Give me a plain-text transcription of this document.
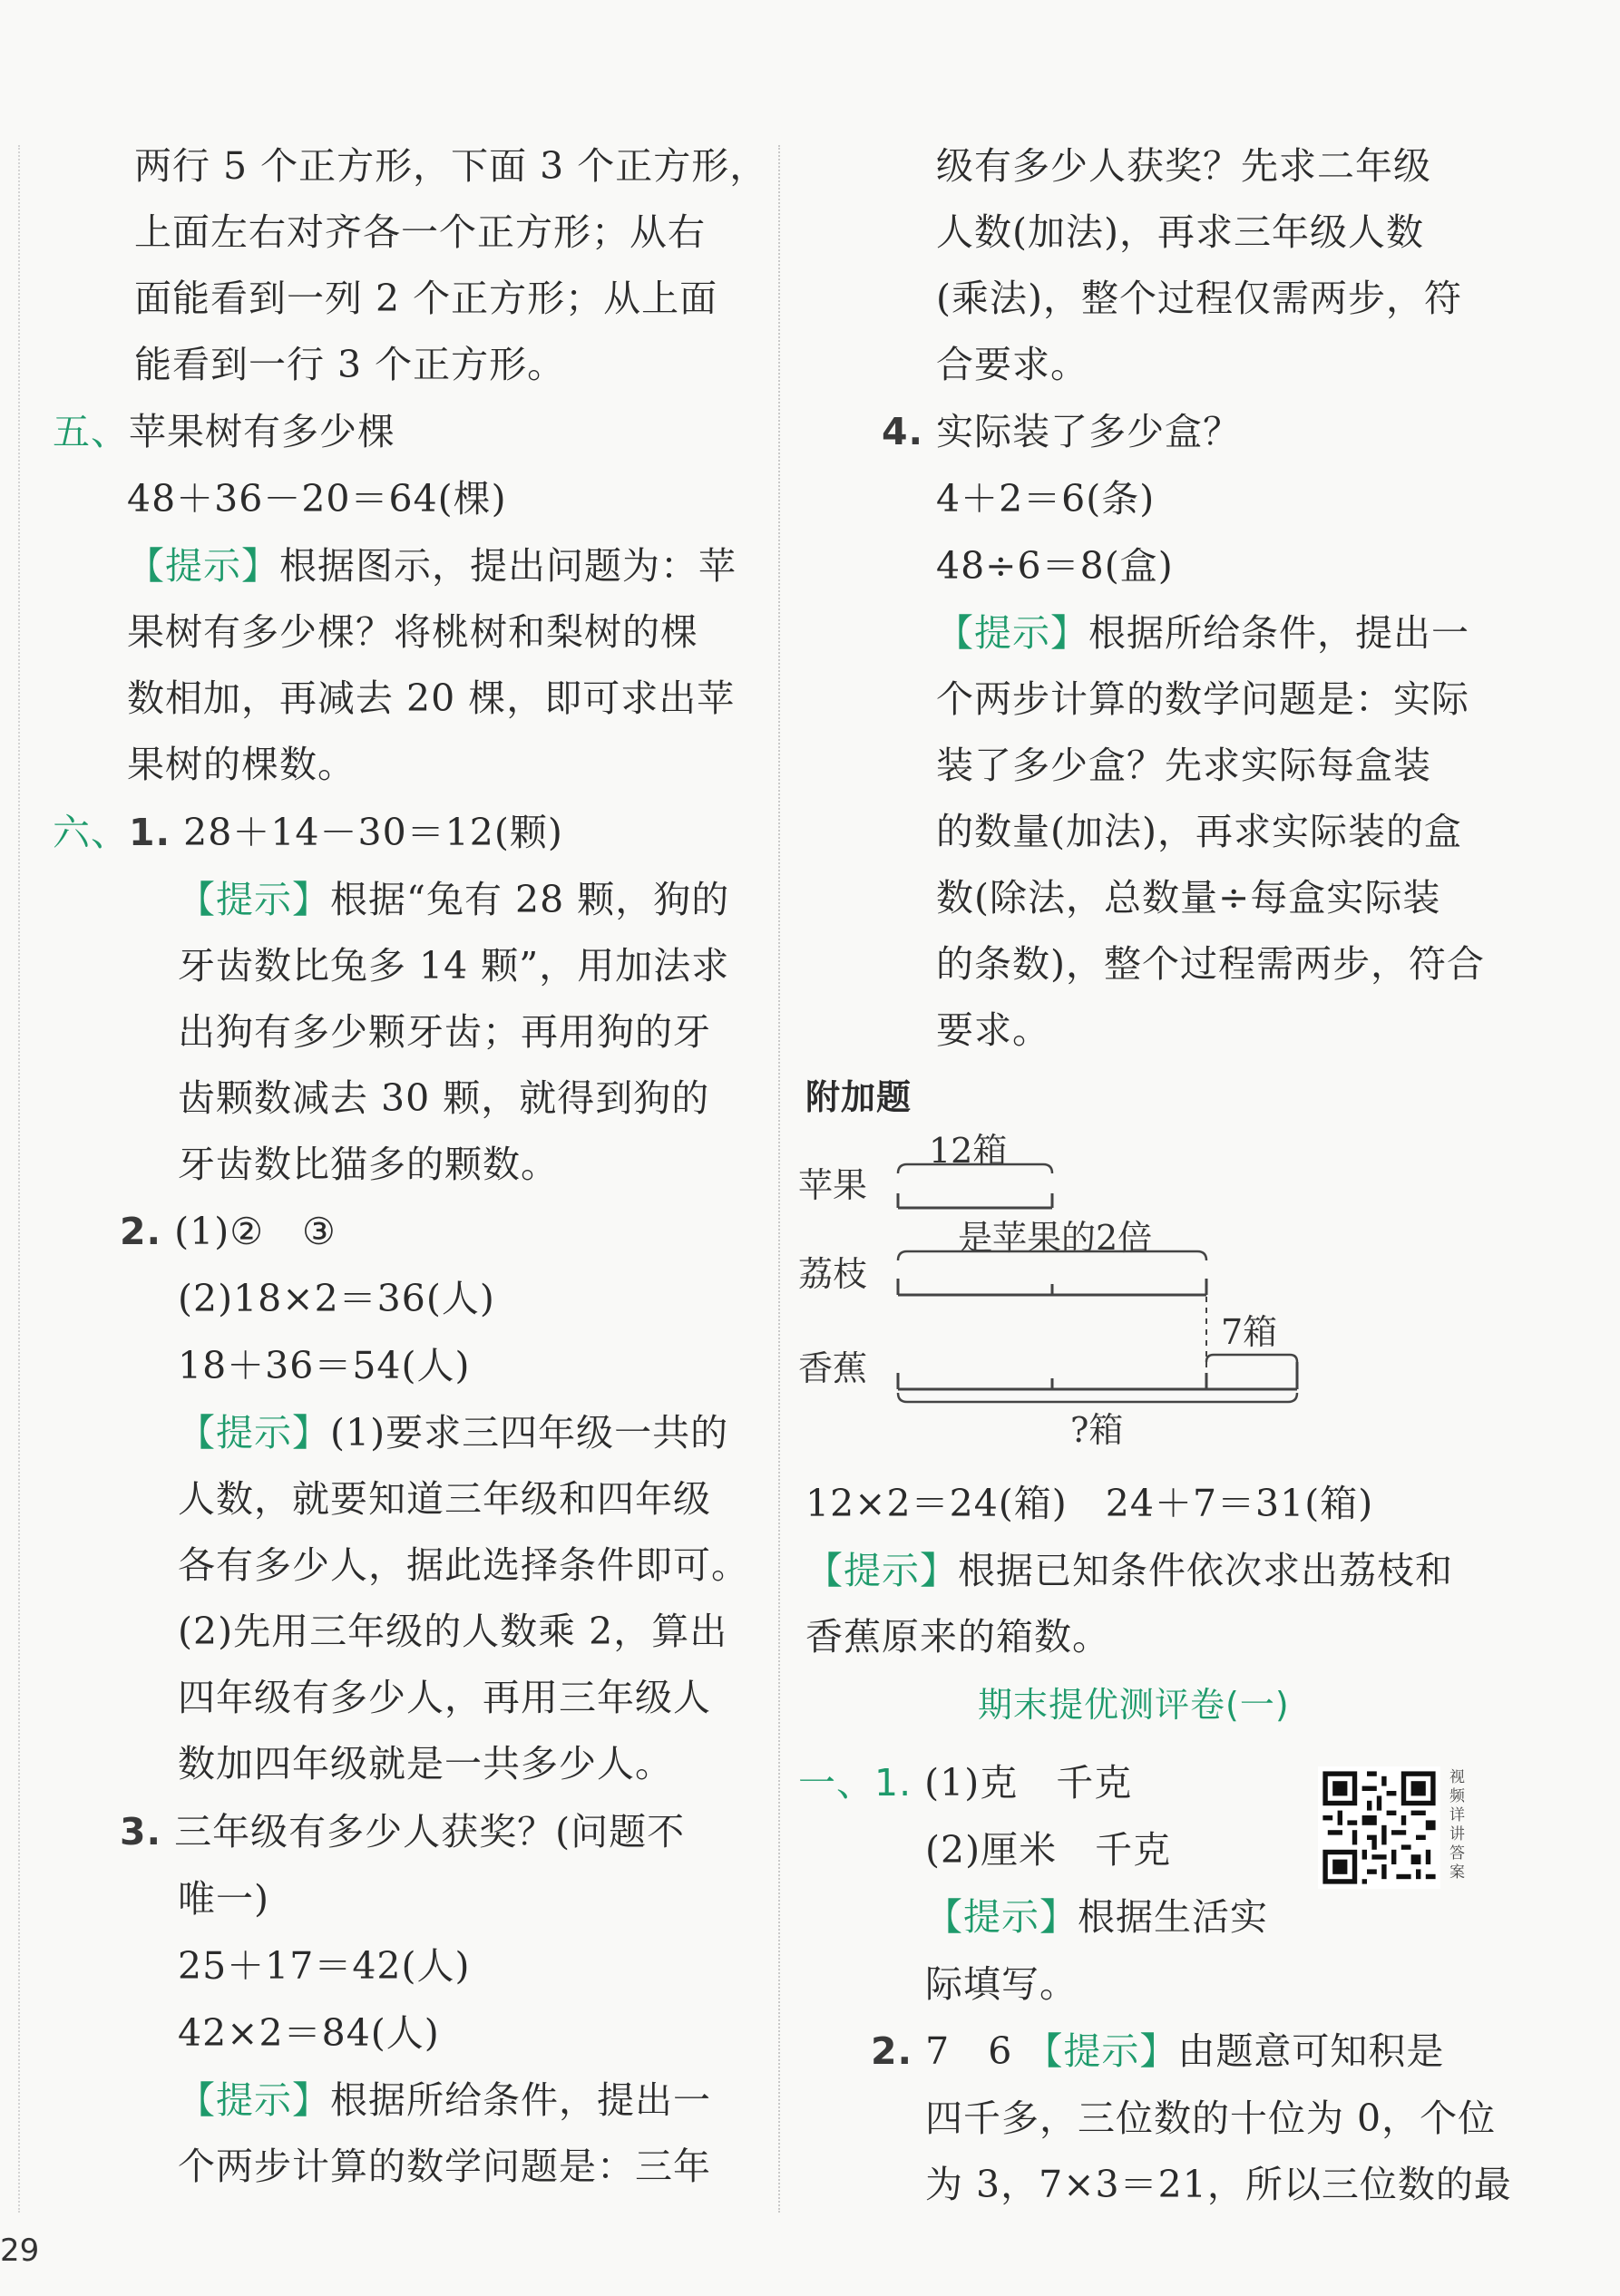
两行 5 个正方形，下面 3 个正方形，
上面左右对齐各一个正方形；从右
面能看到一列 2 个正方形；从上面
能看到一行 3 个正方形。
五、苹果树有多少棵
48＋36－20＝64(棵)
【提示】根据图示，提出问题为：苹
果树有多少棵？将桃树和梨树的棵
数相加，再减去 20 棵，即可求出苹
果树的棵数。
六、1. 28＋14－30＝12(颗)
【提示】根据“兔有 28 颗，狗的
牙齿数比兔多 14 颗”，用加法求
出狗有多少颗牙齿；再用狗的牙
齿颗数减去 30 颗，就得到狗的
牙齿数比猫多的颗数。
2. (1)②　③
(2)18×2＝36(人)
18＋36＝54(人)
【提示】(1)要求三四年级一共的
人数，就要知道三年级和四年级
各有多少人，据此选择条件即可。
(2)先用三年级的人数乘 2，算出
四年级有多少人，再用三年级人
数加四年级就是一共多少人。
3. 三年级有多少人获奖？(问题不
唯一)
25＋17＝42(人)
42×2＝84(人)
【提示】根据所给条件，提出一
个两步计算的数学问题是：三年
级有多少人获奖？先求二年级
人数(加法)，再求三年级人数
(乘法)，整个过程仅需两步，符
合要求。
4. 实际装了多少盒？
4＋2＝6(条)
48÷6＝8(盒)
【提示】根据所给条件，提出一
个两步计算的数学问题是：实际
装了多少盒？先求实际每盒装
的数量(加法)，再求实际装的盒
数(除法，总数量÷每盒实际装
的条数)，整个过程需两步，符合
要求。
附加题
12×2＝24(箱)　24＋7＝31(箱)
【提示】根据已知条件依次求出荔枝和
香蕉原来的箱数。
期末提优测评卷(一)
一、1. (1)克　千克
(2)厘米　千克
【提示】根据生活实
际填写。
2. 7　6 【提示】由题意可知积是
四千多，三位数的十位为 0，个位
为 3，7×3＝21，所以三位数的最
苹果
荔枝
香蕉
12箱
是苹果的2倍
7箱
?箱
视频详讲答案
29
